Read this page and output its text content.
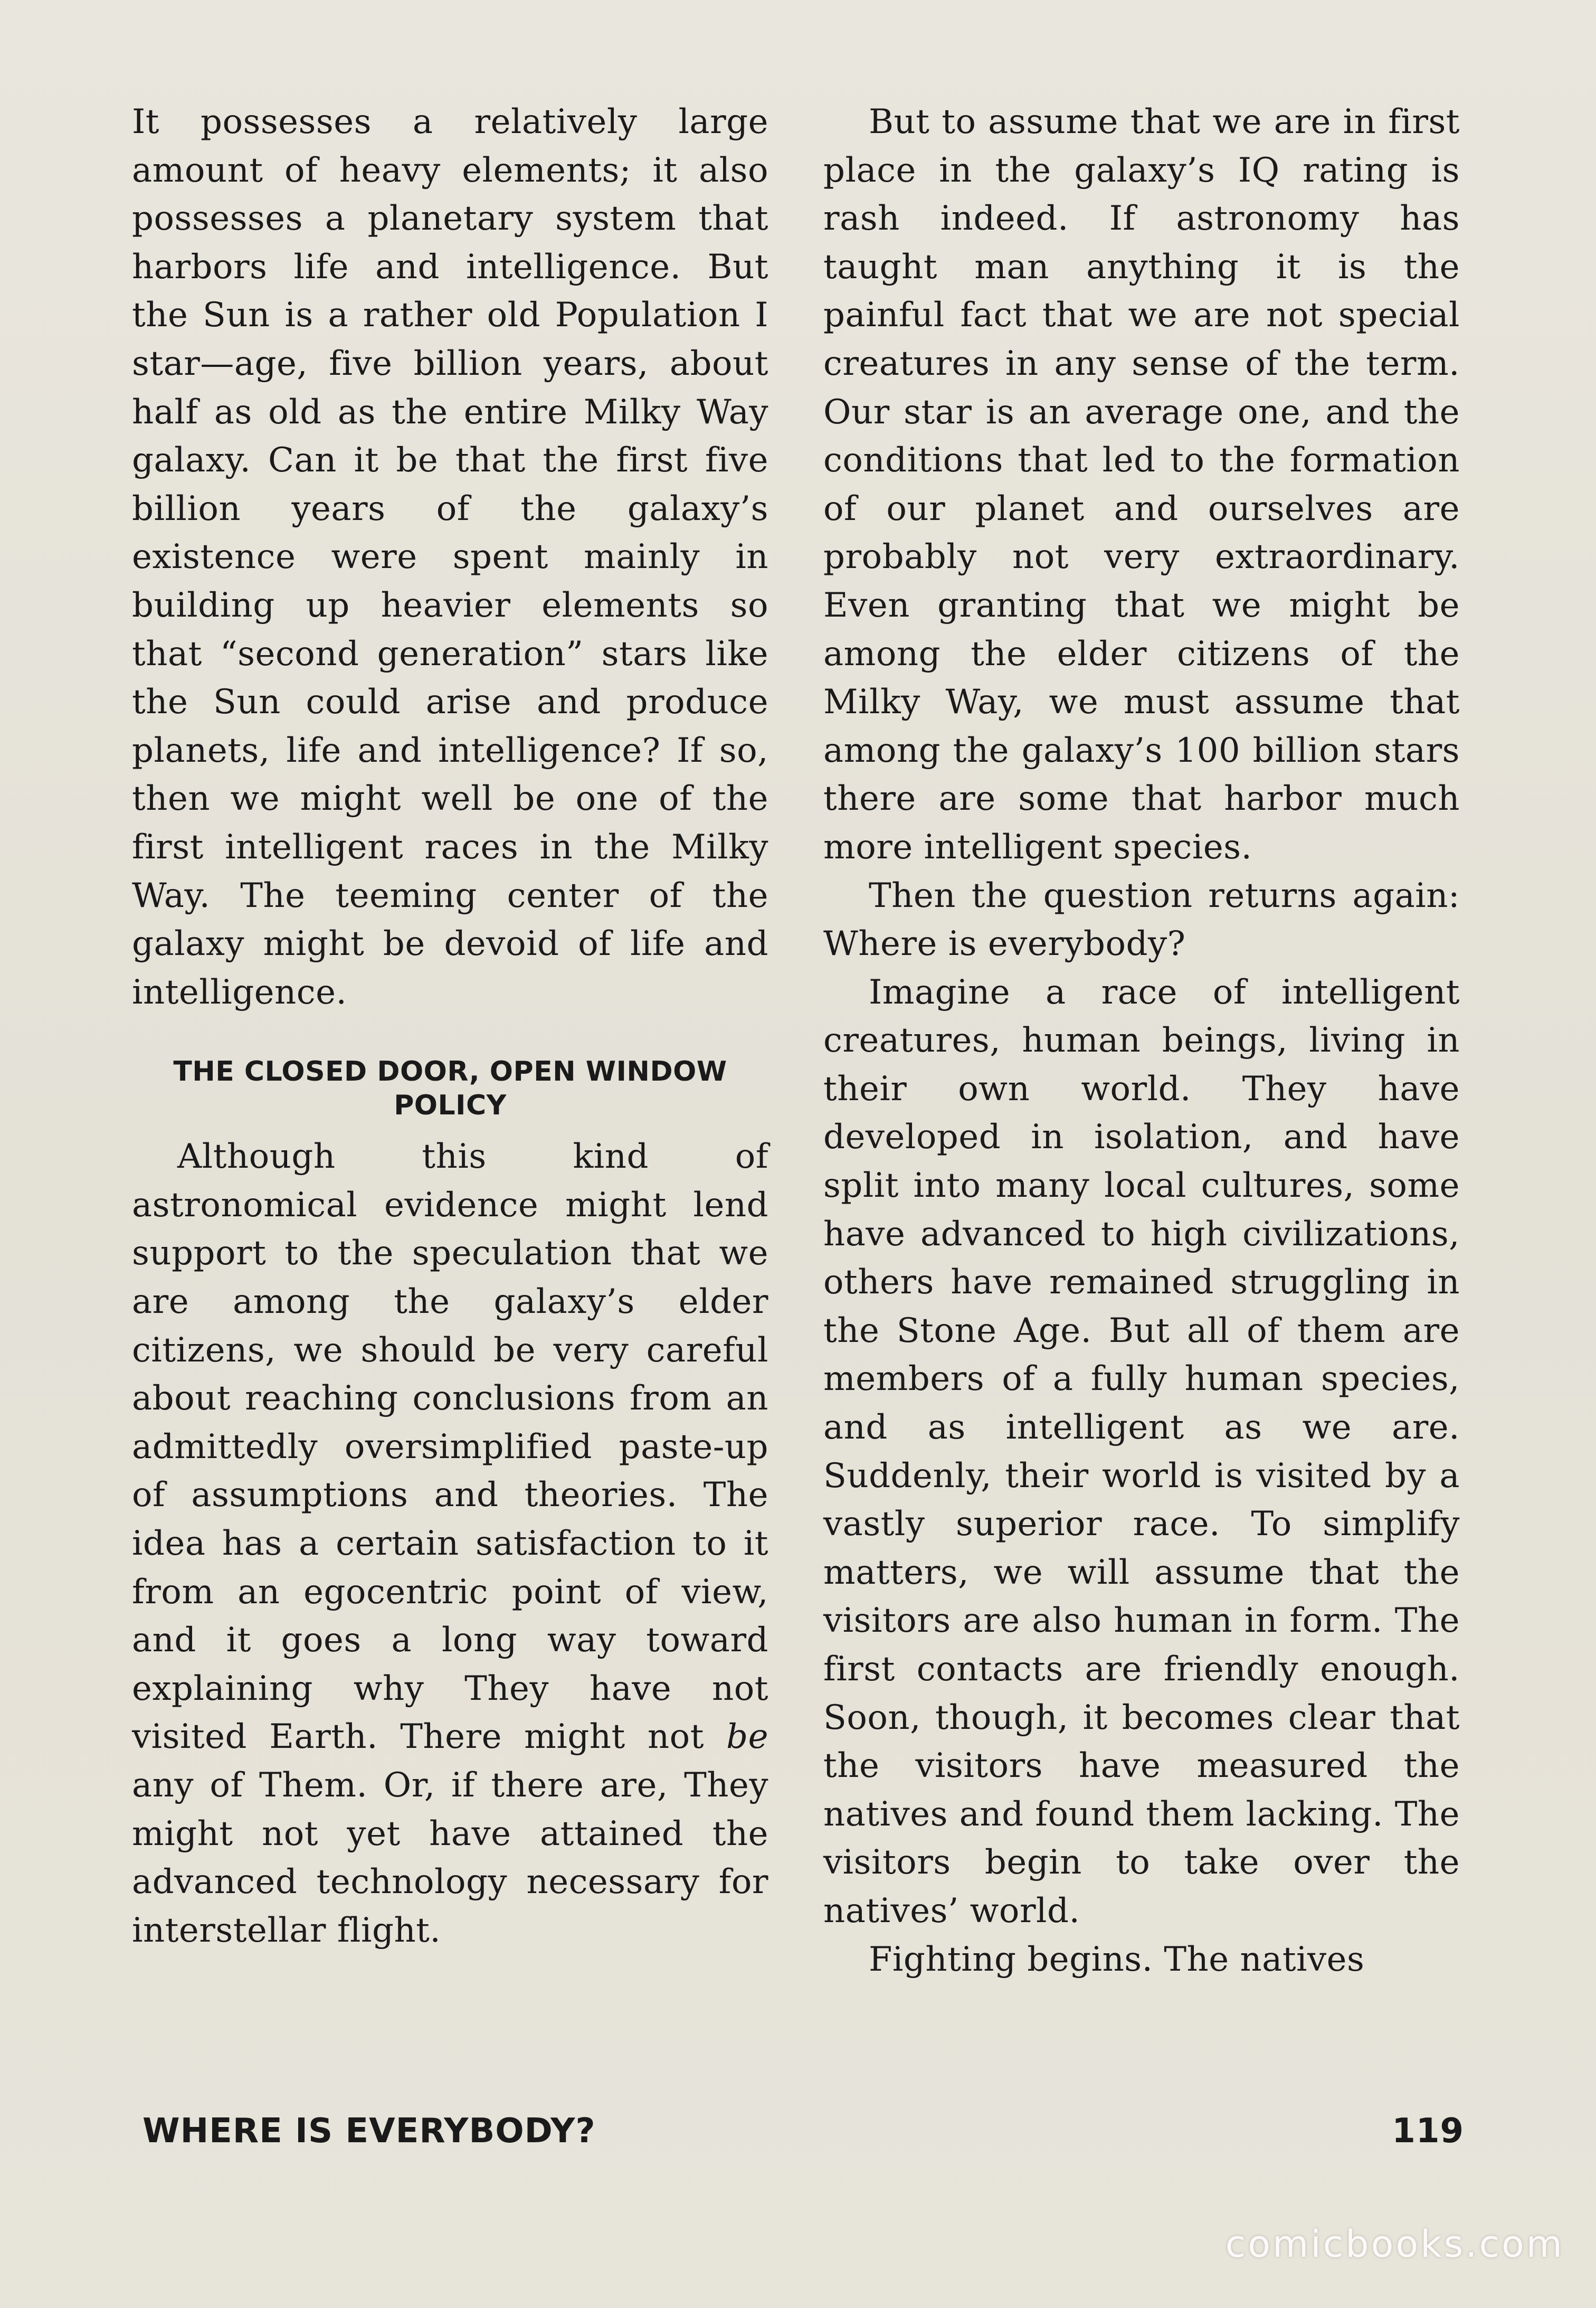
It possesses a relatively large amount of heavy elements; it also possesses a planetary system that harbors life and intelligence. But the Sun is a rather old Population I star—age, five billion years, about half as old as the entire Milky Way galaxy. Can it be that the first five billion years of the galaxy’s existence were spent mainly in building up heavier elements so that “second generation” stars like the Sun could arise and produce planets, life and intelligence? If so, then we might well be one of the first intelligent races in the Milky Way. The teeming center of the galaxy might be devoid of life and intelligence.

THE CLOSED DOOR, OPEN WINDOW POLICY

Although this kind of astronomical evidence might lend support to the speculation that we are among the galaxy’s elder citizens, we should be very careful about reaching conclusions from an admittedly oversimplified paste-up of assumptions and theories. The idea has a certain satisfaction to it from an egocentric point of view, and it goes a long way toward explaining why They have not visited Earth. There might not be any of Them. Or, if there are, They might not yet have attained the advanced technology necessary for interstellar flight.

But to assume that we are in first place in the galaxy’s IQ rating is rash indeed. If astronomy has taught man anything it is the painful fact that we are not special creatures in any sense of the term. Our star is an average one, and the conditions that led to the formation of our planet and ourselves are probably not very extraordinary. Even granting that we might be among the elder citizens of the Milky Way, we must assume that among the galaxy’s 100 billion stars there are some that harbor much more intelligent species.

Then the question returns again: Where is everybody?

Imagine a race of intelligent creatures, human beings, living in their own world. They have developed in isolation, and have split into many local cultures, some have advanced to high civilizations, others have remained struggling in the Stone Age. But all of them are members of a fully human species, and as intelligent as we are. Suddenly, their world is visited by a vastly superior race. To simplify matters, we will assume that the visitors are also human in form. The first contacts are friendly enough. Soon, though, it becomes clear that the visitors have measured the natives and found them lacking. The visitors begin to take over the natives’ world.

Fighting begins. The natives

WHERE IS EVERYBODY?	119
comicbooks.com
